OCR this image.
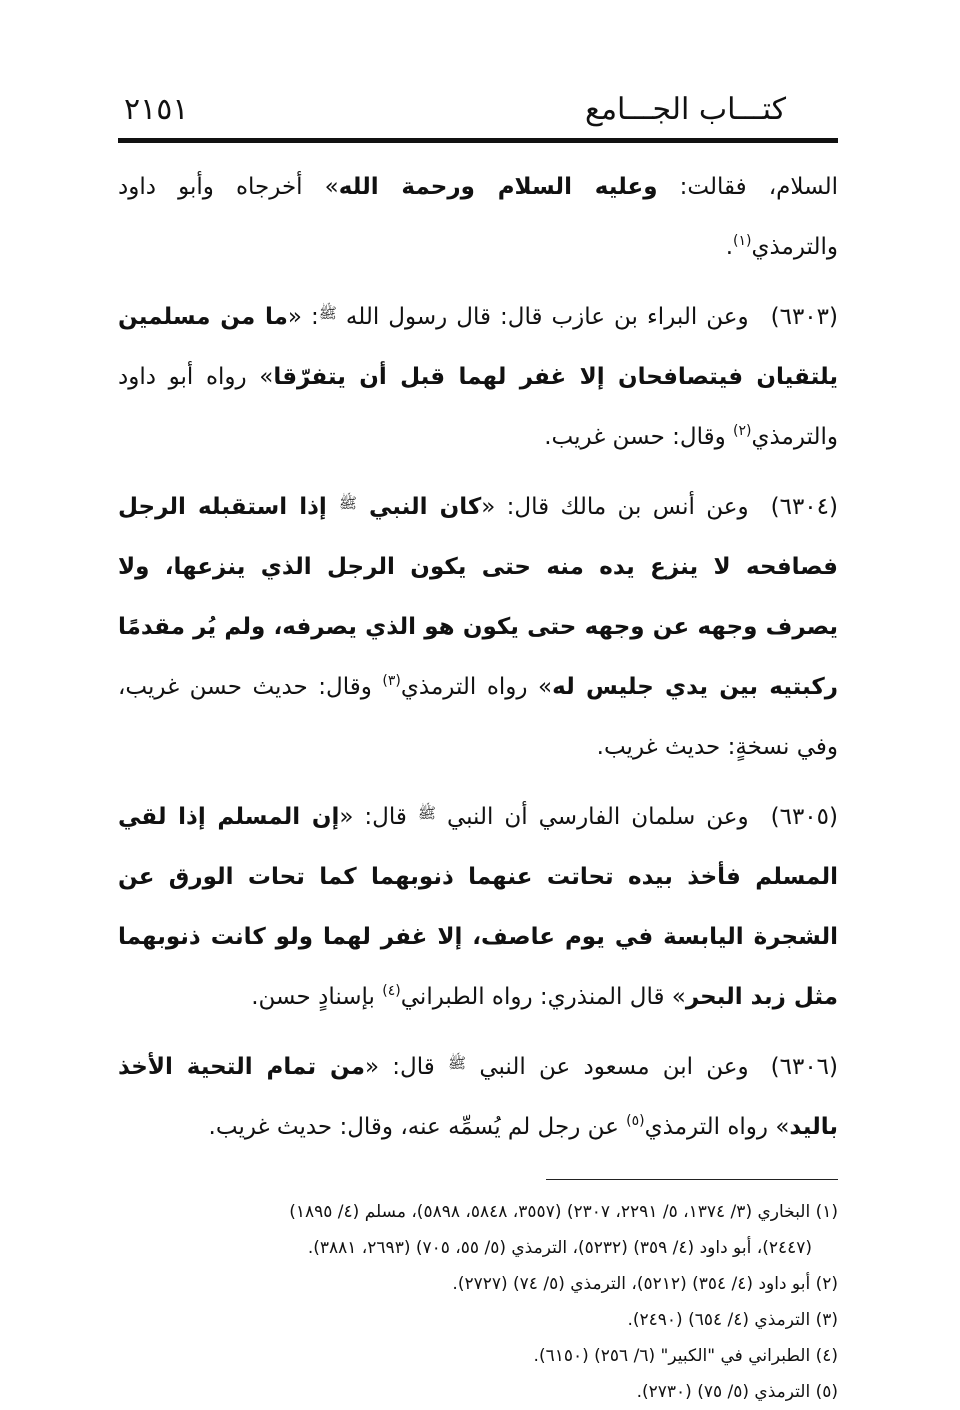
كتـــاب الجـــامع
٢١٥١

السلام، فقالت: وعليه السلام ورحمة الله» أخرجاه وأبو داود والترمذي$^{(١)}$.

(٦٣٠٣)وعن البراء بن عازب قال: قال رسول الله $^ﷺ$: «ما من مسلمين يلتقيان فيتصافحان إلا غفر لهما قبل أن يتفرّقا» رواه أبو داود والترمذي$^{(٢)}$ وقال: حسن غريب.

(٦٣٠٤)وعن أنس بن مالك قال: «كان النبي $^ﷺ$ إذا استقبله الرجل فصافحه لا ينزع يده منه حتى يكون الرجل الذي ينزعها، ولا يصرف وجهه عن وجهه حتى يكون هو الذي يصرفه، ولم يُر مقدمًا ركبتيه بين يدي جليس له» رواه الترمذي$^{(٣)}$ وقال: حديث حسن غريب، وفي نسخةٍ: حديث غريب.

(٦٣٠٥)وعن سلمان الفارسي أن النبي $^ﷺ$ قال: «إن المسلم إذا لقي المسلم فأخذ بيده تحاتت عنهما ذنوبهما كما تحات الورق عن الشجرة اليابسة في يوم عاصف، إلا غفر لهما ولو كانت ذنوبهما مثل زبد البحر» قال المنذري: رواه الطبراني$^{(٤)}$ بإسنادٍ حسن.

(٦٣٠٦)وعن ابن مسعود عن النبي $^ﷺ$ قال: «من تمام التحية الأخذ باليد» رواه الترمذي$^{(٥)}$ عن رجل لم يُسمِّه عنه، وقال: حديث غريب.

(١) البخاري (٣/ ١٣٧٤، ٥/ ٢٢٩١، ٢٣٠٧) (٣٥٥٧، ٥٨٤٨، ٥٨٩٨)، مسلم (٤/ ١٨٩٥)

(٢٤٤٧)، أبو داود (٤/ ٣٥٩) (٥٢٣٢)، الترمذي (٥/ ٥٥، ٧٠٥) (٢٦٩٣، ٣٨٨١).

(٢) أبو داود (٤/ ٣٥٤) (٥٢١٢)، الترمذي (٥/ ٧٤) (٢٧٢٧).

(٣) الترمذي (٤/ ٦٥٤) (٢٤٩٠).

(٤) الطبراني في "الكبير" (٦/ ٢٥٦) (٦١٥٠).

(٥) الترمذي (٥/ ٧٥) (٢٧٣٠).
